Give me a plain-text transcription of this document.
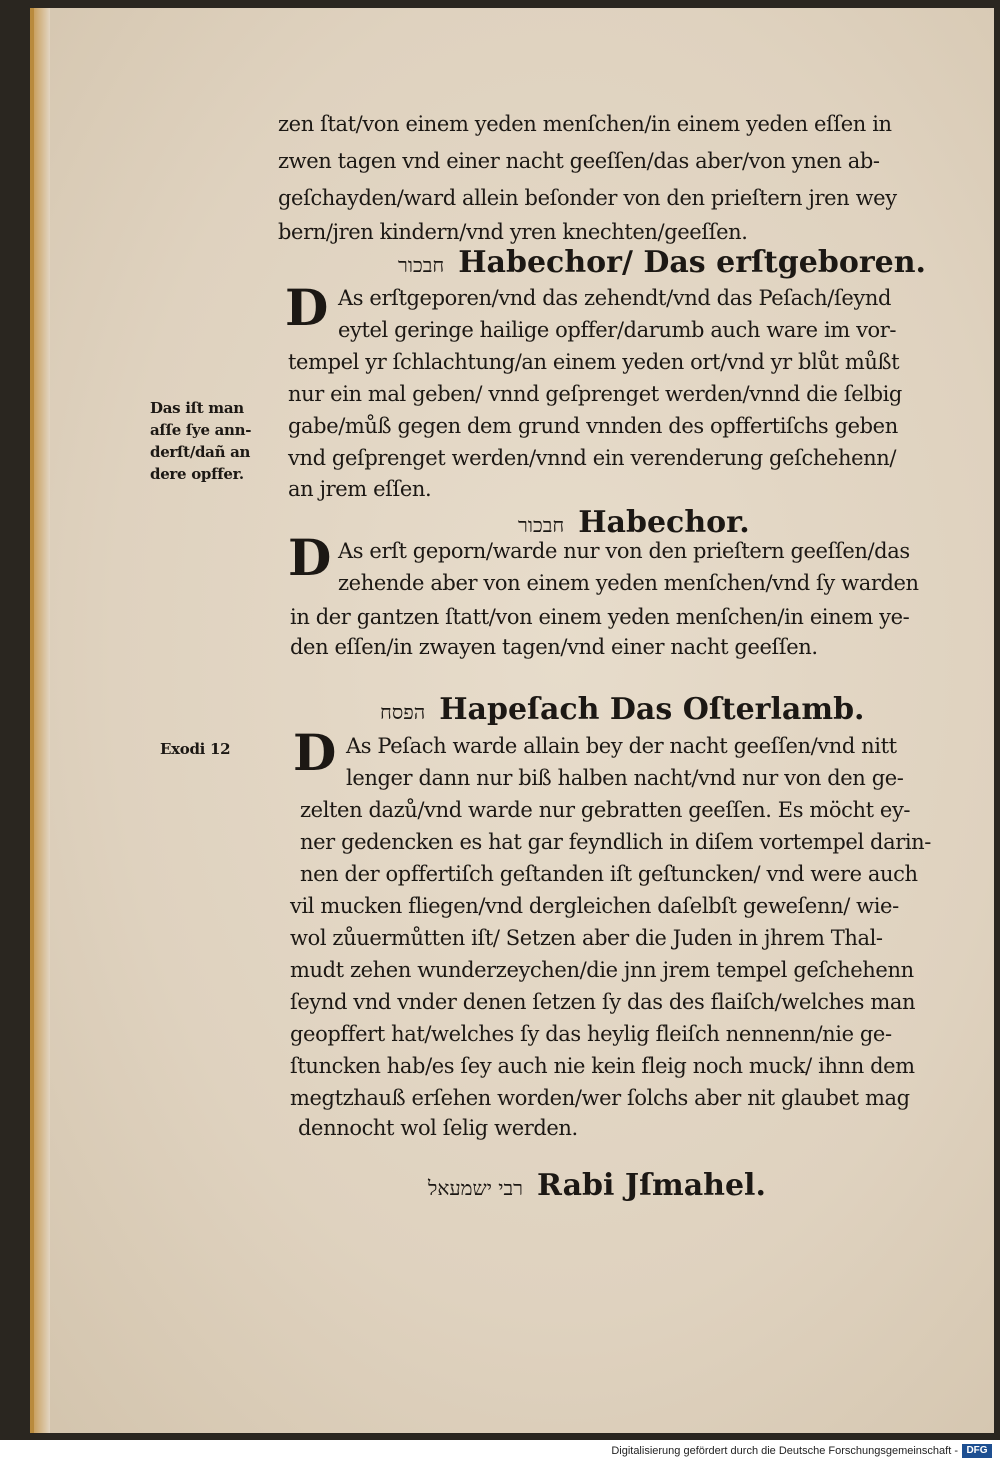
zen ſtat/von einem yeden menſchen/in einem yeden eſſen in
zwen tagen vnd einer nacht geeſſen/das aber/von ynen ab-
geſchayden/ward allein beſonder von den prieſtern jren wey
bern/jren kindern/vnd yren knechten/geeſſen.
חבכור Habechor/ Das erſtgeboren.
D As erſtgeporen/vnd das zehendt/vnd das Peſach/ſeynd
eytel geringe hailige opffer/darumb auch ware im vor-
tempel yr ſchlachtung/an einem yeden ort/vnd yr blůt můßt
nur ein mal geben/ vnnd geſprenget werden/vnnd die ſelbig
gabe/můß gegen dem grund vnnden des opffertiſchs geben
vnd geſprenget werden/vnnd ein verenderung geſchehenn/
an jrem eſſen.
Das iſt man
aſſe ſye ann-
derſt/dañ an
dere opffer.
חבכור Habechor.
D As erſt geporn/warde nur von den prieſtern geeſſen/das
zehende aber von einem yeden menſchen/vnd ſy warden
in der gantzen ſtatt/von einem yeden menſchen/in einem ye-
den eſſen/in zwayen tagen/vnd einer nacht geeſſen.
הפסח Hapeſach Das Oſterlamb.
Exodi 12 D As Peſach warde allain bey der nacht geeſſen/vnd nitt
lenger dann nur biß halben nacht/vnd nur von den ge-
zelten dazů/vnd warde nur gebratten geeſſen. Es möcht ey-
ner gedencken es hat gar feyndlich in diſem vortempel darin-
nen der opffertiſch geſtanden iſt geſtuncken/ vnd were auch
vil mucken fliegen/vnd dergleichen daſelbſt geweſenn/ wie-
wol zůuermůtten iſt/ Setzen aber die Juden in jhrem Thal-
mudt zehen wunderzeychen/die jnn jrem tempel geſchehenn
ſeynd vnd vnder denen ſetzen ſy das des flaiſch/welches man
geopffert hat/welches ſy das heylig fleiſch nennenn/nie ge-
ſtuncken hab/es ſey auch nie kein fleig noch muck/ ihnn dem
megtzhauß erſehen worden/wer ſolchs aber nit glaubet mag
dennocht wol ſelig werden.
רבי ישמעאל Rabi Jſmahel.
Digitalisierung gefördert durch die Deutsche Forschungsgemeinschaft - DFG
